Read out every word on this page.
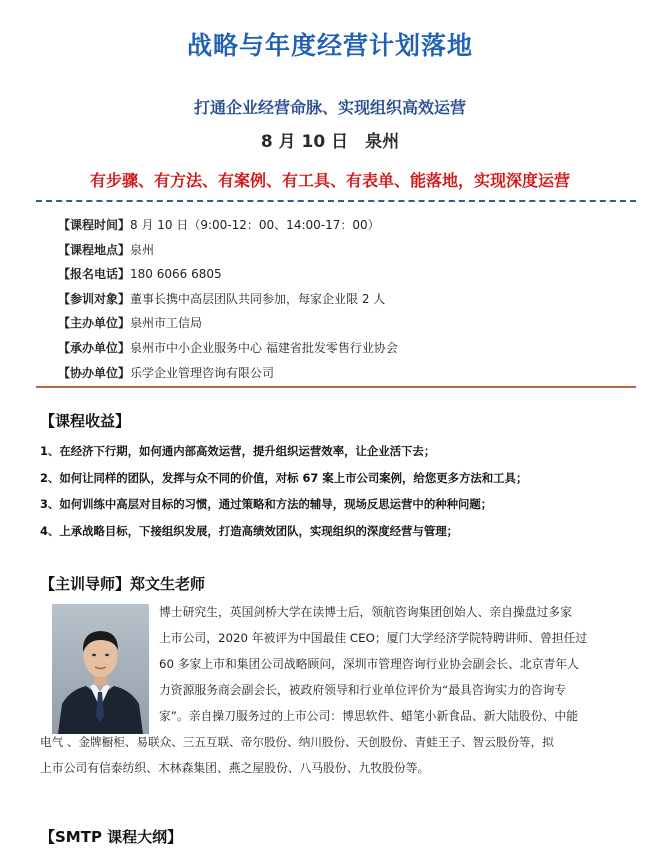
战略与年度经营计划落地
打通企业经营命脉、实现组织高效运营
8 月 10 日　泉州
有步骤、有方法、有案例、有工具、有表单、能落地，实现深度运营
【课程时间】8 月 10 日（9:00-12：00、14:00-17：00）
【课程地点】泉州
【报名电话】180 6066 6805
【参训对象】董事长携中高层团队共同参加，每家企业限 2 人
【主办单位】泉州市工信局
【承办单位】泉州市中小企业服务中心 福建省批发零售行业协会
【协办单位】乐学企业管理咨询有限公司
【课程收益】
1、在经济下行期，如何通内部高效运营，提升组织运营效率，让企业活下去；
2、如何让同样的团队，发挥与众不同的价值，对标 67 案上市公司案例，给您更多方法和工具；
3、如何训练中高层对目标的习惯，通过策略和方法的辅导，现场反思运营中的种种问题；
4、上承战略目标，下接组织发展，打造高绩效团队，实现组织的深度经营与管理；
【主训导师】郑文生老师
博士研究生，英国剑桥大学在读博士后，领航咨询集团创始人、亲自操盘过多家
上市公司，2020 年被评为中国最佳 CEO；厦门大学经济学院特聘讲师、曾担任过
60 多家上市和集团公司战略顾问，深圳市管理咨询行业协会副会长、北京青年人
力资源服务商会副会长，被政府领导和行业单位评价为“最具咨询实力的咨询专
家”。亲自操刀服务过的上市公司：博思软件、蜡笔小新食品、新大陆股份、中能
电气 、金牌橱柜、易联众、三五互联、帝尔股份、纳川股份、天创股份、青蛙王子、智云股份等，拟
上市公司有信泰纺织、木林森集团、燕之屋股份、八马股份、九牧股份等。
【SMTP 课程大纲】
